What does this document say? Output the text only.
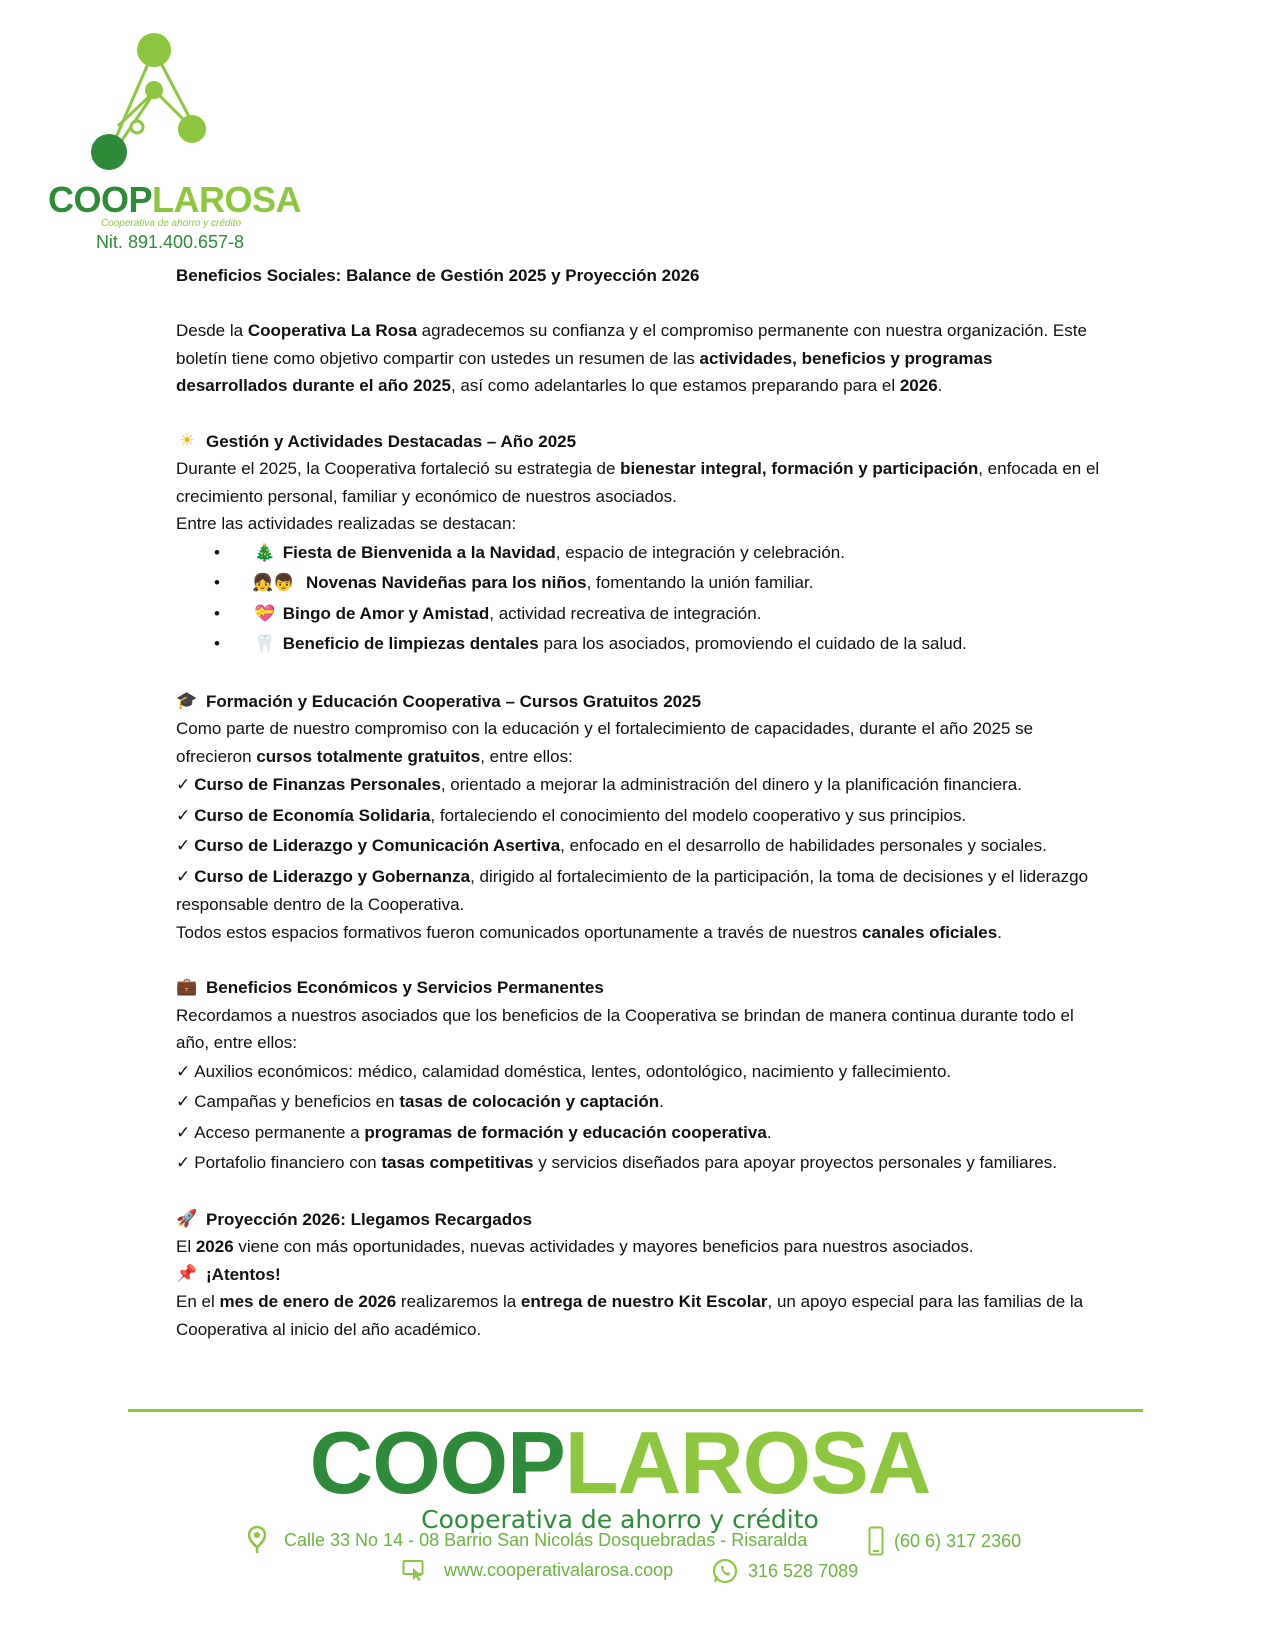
COOPLAROSA
Cooperativa de ahorro y crédito
Nit. 891.400.657-8

Beneficios Sociales: Balance de Gestión 2025 y Proyección 2026

Desde la Cooperativa La Rosa agradecemos su confianza y el compromiso permanente con nuestra organización. Este boletín tiene como objetivo compartir con ustedes un resumen de las actividades, beneficios y programas desarrollados durante el año 2025, así como adelantarles lo que estamos preparando para el 2026.

☀ Gestión y Actividades Destacadas – Año 2025

Durante el 2025, la Cooperativa fortaleció su estrategia de bienestar integral, formación y participación, enfocada en el crecimiento personal, familiar y económico de nuestros asociados.

Entre las actividades realizadas se destacan:

• 🎄 Fiesta de Bienvenida a la Navidad, espacio de integración y celebración.
• 👧👦 Novenas Navideñas para los niños, fomentando la unión familiar.
• 💝 Bingo de Amor y Amistad, actividad recreativa de integración.
• 🦷 Beneficio de limpiezas dentales para los asociados, promoviendo el cuidado de la salud.

🎓 Formación y Educación Cooperativa – Cursos Gratuitos 2025

Como parte de nuestro compromiso con la educación y el fortalecimiento de capacidades, durante el año 2025 se ofrecieron cursos totalmente gratuitos, entre ellos:

✓ Curso de Finanzas Personales, orientado a mejorar la administración del dinero y la planificación financiera.

✓ Curso de Economía Solidaria, fortaleciendo el conocimiento del modelo cooperativo y sus principios.

✓ Curso de Liderazgo y Comunicación Asertiva, enfocado en el desarrollo de habilidades personales y sociales.

✓ Curso de Liderazgo y Gobernanza, dirigido al fortalecimiento de la participación, la toma de decisiones y el liderazgo responsable dentro de la Cooperativa.

Todos estos espacios formativos fueron comunicados oportunamente a través de nuestros canales oficiales.

💼 Beneficios Económicos y Servicios Permanentes

Recordamos a nuestros asociados que los beneficios de la Cooperativa se brindan de manera continua durante todo el año, entre ellos:

✓ Auxilios económicos: médico, calamidad doméstica, lentes, odontológico, nacimiento y fallecimiento.

✓ Campañas y beneficios en tasas de colocación y captación.

✓ Acceso permanente a programas de formación y educación cooperativa.

✓ Portafolio financiero con tasas competitivas y servicios diseñados para apoyar proyectos personales y familiares.

🚀 Proyección 2026: Llegamos Recargados

El 2026 viene con más oportunidades, nuevas actividades y mayores beneficios para nuestros asociados.

📌 ¡Atentos!

En el mes de enero de 2026 realizaremos la entrega de nuestro Kit Escolar, un apoyo especial para las familias de la Cooperativa al inicio del año académico.

COOPLAROSA
Cooperativa de ahorro y crédito
Calle 33 No 14 - 08 Barrio San Nicolás Dosquebradas - Risaralda	(60 6) 317 2360
www.cooperativalarosa.coop	316 528 7089
